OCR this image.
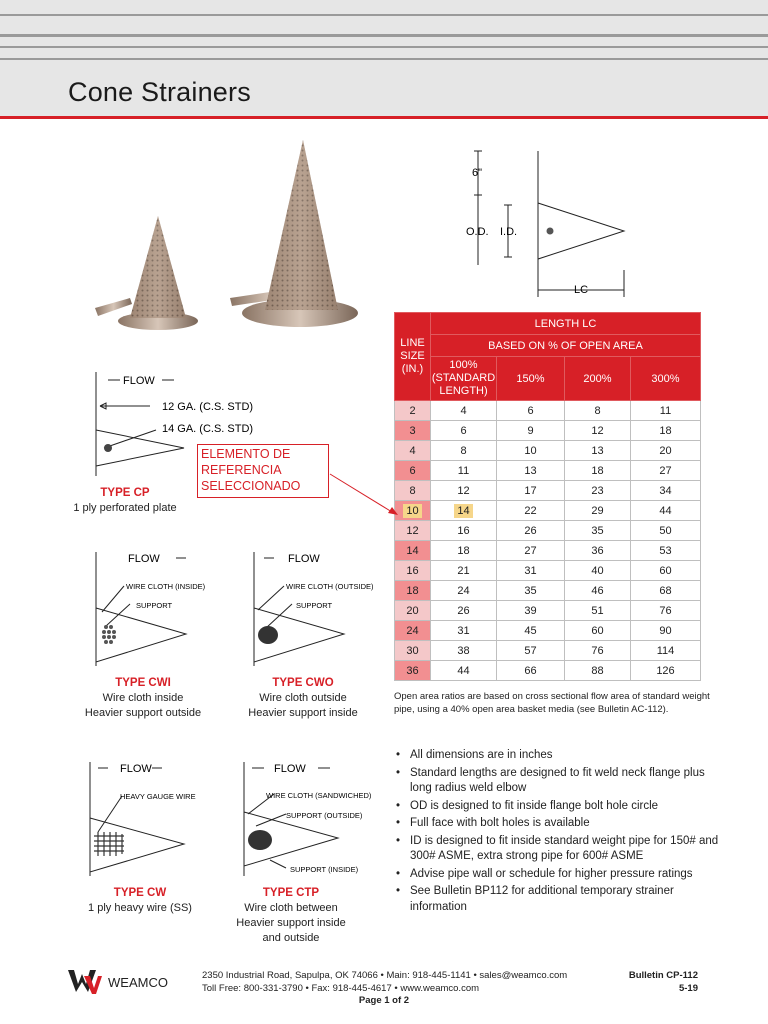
Cone Strainers
6"
O.D. I.D.
LC
LINE SIZE (IN.)	LENGTH LC			
	BASED ON % OF OPEN AREA			
	100% (STANDARD LENGTH)	150%	200%	300%
2	4	6	8	11
3	6	9	12	18
4	8	10	13	20
6	11	13	18	27
8	12	17	23	34
10	14	22	29	44
12	16	26	35	50
14	18	27	36	53
16	21	31	40	60
18	24	35	46	68
20	26	39	51	76
24	31	45	60	90
30	38	57	76	114
36	44	66	88	126
Open area ratios are based on cross sectional flow area of standard weight pipe, using a 40% open area basket media (see Bulletin AC-112).
• All dimensions are in inches
• Standard lengths are designed to fit weld neck flange plus long radius weld elbow
• OD is designed to fit inside flange bolt hole circle
• Full face with bolt holes is available
• ID is designed to fit inside standard weight pipe for 150# and 300# ASME, extra strong pipe for 600# ASME
• Advise pipe wall or schedule for higher pressure ratings
• See Bulletin BP112 for additional temporary strainer information
FLOW
12 GA. (C.S. STD)
14 GA. (C.S. STD)
TYPE CP
1 ply perforated plate
ELEMENTO DE REFERENCIA SELECCIONADO
FLOW
WIRE CLOTH (INSIDE)
SUPPORT
TYPE CWI
Wire cloth inside
Heavier support outside
FLOW
WIRE CLOTH (OUTSIDE)
SUPPORT
TYPE CWO
Wire cloth outside
Heavier support inside
FLOW
HEAVY GAUGE WIRE
TYPE CW
1 ply heavy wire (SS)
FLOW
WIRE CLOTH (SANDWICHED)
SUPPORT (OUTSIDE)
SUPPORT (INSIDE)
TYPE CTP
Wire cloth between
Heavier support inside
and outside
WEAMCO	2350 Industrial Road, Sapulpa, OK 74066 • Main: 918-445-1141 • sales@weamco.com
Toll Free: 800-331-3790 • Fax: 918-445-4617 • www.weamco.com
Bulletin CP-112
5-19
Page 1 of 2
